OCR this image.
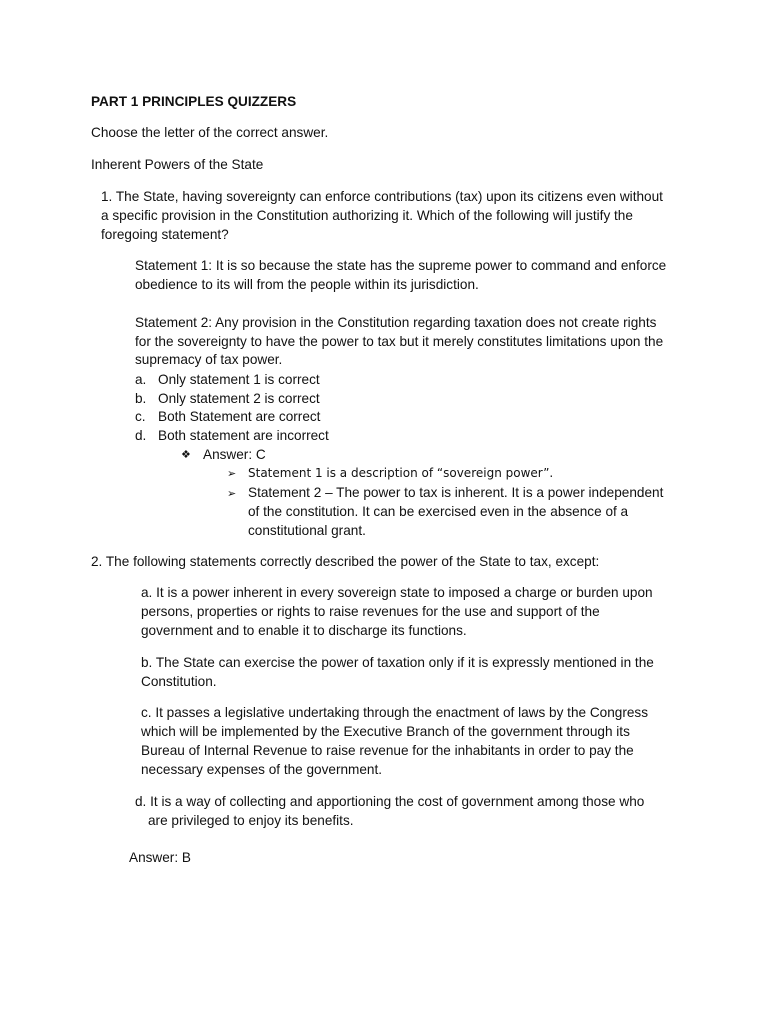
PART 1 PRINCIPLES QUIZZERS
Choose the letter of the correct answer.
Inherent Powers of the State
1. The State, having sovereignty can enforce contributions (tax) upon its citizens even without
a specific provision in the Constitution authorizing it. Which of the following will justify the
foregoing statement?
Statement 1: It is so because the state has the supreme power to command and enforce
obedience to its will from the people within its jurisdiction.
Statement 2: Any provision in the Constitution regarding taxation does not create rights
for the sovereignty to have the power to tax but it merely constitutes limitations upon the
supremacy of tax power.
a. Only statement 1 is correct
b. Only statement 2 is correct
c. Both Statement are correct
d. Both statement are incorrect
❖ Answer: C
➢ Statement 1 is a description of “sovereign power”.
➢ Statement 2 – The power to tax is inherent. It is a power independent
of the constitution. It can be exercised even in the absence of a
constitutional grant.
2. The following statements correctly described the power of the State to tax, except:
a. It is a power inherent in every sovereign state to imposed a charge or burden upon
persons, properties or rights to raise revenues for the use and support of the
government and to enable it to discharge its functions.
b. The State can exercise the power of taxation only if it is expressly mentioned in the
Constitution.
c. It passes a legislative undertaking through the enactment of laws by the Congress
which will be implemented by the Executive Branch of the government through its
Bureau of Internal Revenue to raise revenue for the inhabitants in order to pay the
necessary expenses of the government.
d. It is a way of collecting and apportioning the cost of government among those who
are privileged to enjoy its benefits.
Answer: B
